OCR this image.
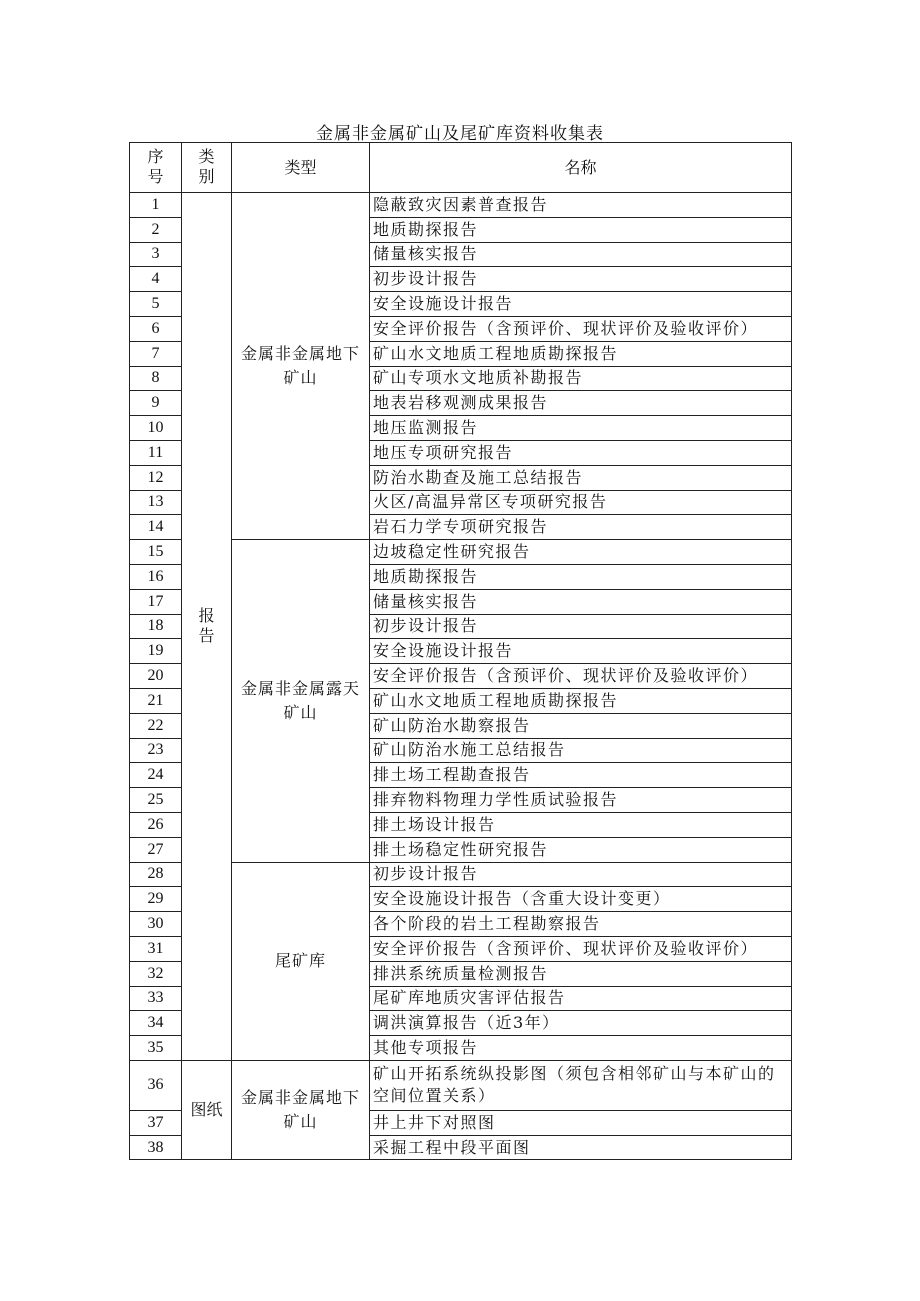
金属非金属矿山及尾矿库资料收集表
序号	类别	类型	名称
1	报告	金属非金属地下矿山	隐蔽致灾因素普查报告
2			地质勘探报告
3			储量核实报告
4			初步设计报告
5			安全设施设计报告
6			安全评价报告（含预评价、现状评价及验收评价）
7			矿山水文地质工程地质勘探报告
8			矿山专项水文地质补勘报告
9			地表岩移观测成果报告
10			地压监测报告
11			地压专项研究报告
12			防治水勘查及施工总结报告
13			火区/高温异常区专项研究报告
14			岩石力学专项研究报告
15		金属非金属露天矿山	边坡稳定性研究报告
16			地质勘探报告
17			储量核实报告
18			初步设计报告
19			安全设施设计报告
20			安全评价报告（含预评价、现状评价及验收评价）
21			矿山水文地质工程地质勘探报告
22			矿山防治水勘察报告
23			矿山防治水施工总结报告
24			排土场工程勘查报告
25			排弃物料物理力学性质试验报告
26			排土场设计报告
27			排土场稳定性研究报告
28		尾矿库	初步设计报告
29			安全设施设计报告（含重大设计变更）
30			各个阶段的岩土工程勘察报告
31			安全评价报告（含预评价、现状评价及验收评价）
32			排洪系统质量检测报告
33			尾矿库地质灾害评估报告
34			调洪演算报告（近3年）
35			其他专项报告
36	图纸	金属非金属地下矿山	矿山开拓系统纵投影图（须包含相邻矿山与本矿山的空间位置关系）
37			井上井下对照图
38			采掘工程中段平面图
